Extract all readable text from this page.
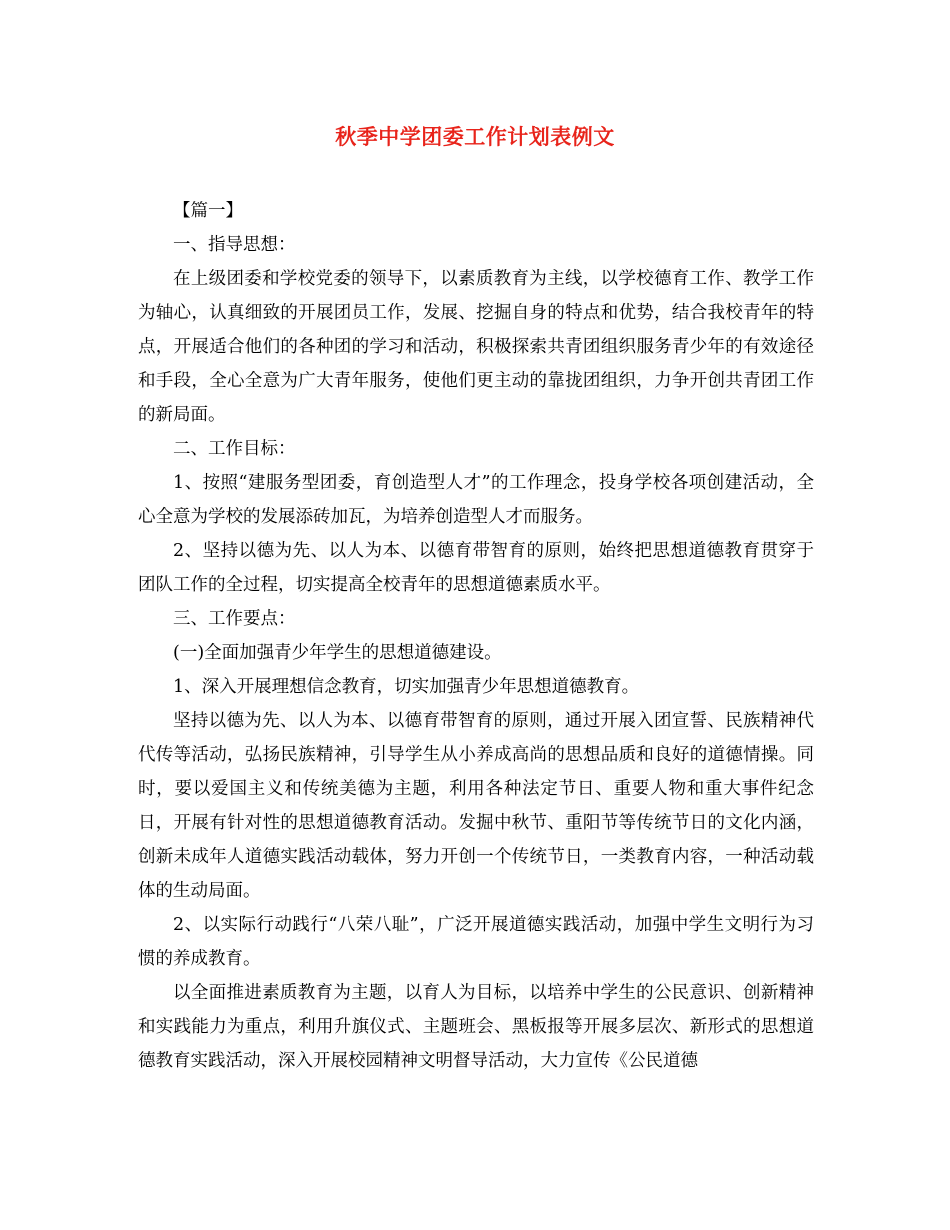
秋季中学团委工作计划表例文

【篇一】

一、指导思想：

在上级团委和学校党委的领导下，以素质教育为主线，以学校德育工作、教学工作为轴心，认真细致的开展团员工作，发展、挖掘自身的特点和优势，结合我校青年的特点，开展适合他们的各种团的学习和活动，积极探索共青团组织服务青少年的有效途径和手段，全心全意为广大青年服务，使他们更主动的靠拢团组织，力争开创共青团工作的新局面。

二、工作目标：

1、按照“建服务型团委，育创造型人才”的工作理念，投身学校各项创建活动，全心全意为学校的发展添砖加瓦，为培养创造型人才而服务。

2、坚持以德为先、以人为本、以德育带智育的原则，始终把思想道德教育贯穿于团队工作的全过程，切实提高全校青年的思想道德素质水平。

三、工作要点：

(一)全面加强青少年学生的思想道德建设。

1、深入开展理想信念教育，切实加强青少年思想道德教育。

坚持以德为先、以人为本、以德育带智育的原则，通过开展入团宣誓、民族精神代代传等活动，弘扬民族精神，引导学生从小养成高尚的思想品质和良好的道德情操。同时，要以爱国主义和传统美德为主题，利用各种法定节日、重要人物和重大事件纪念日，开展有针对性的思想道德教育活动。发掘中秋节、重阳节等传统节日的文化内涵，创新未成年人道德实践活动载体，努力开创一个传统节日，一类教育内容，一种活动载体的生动局面。

2、以实际行动践行“八荣八耻”，广泛开展道德实践活动，加强中学生文明行为习惯的养成教育。

以全面推进素质教育为主题，以育人为目标，以培养中学生的公民意识、创新精神和实践能力为重点，利用升旗仪式、主题班会、黑板报等开展多层次、新形式的思想道德教育实践活动，深入开展校园精神文明督导活动，大力宣传《公民道德
